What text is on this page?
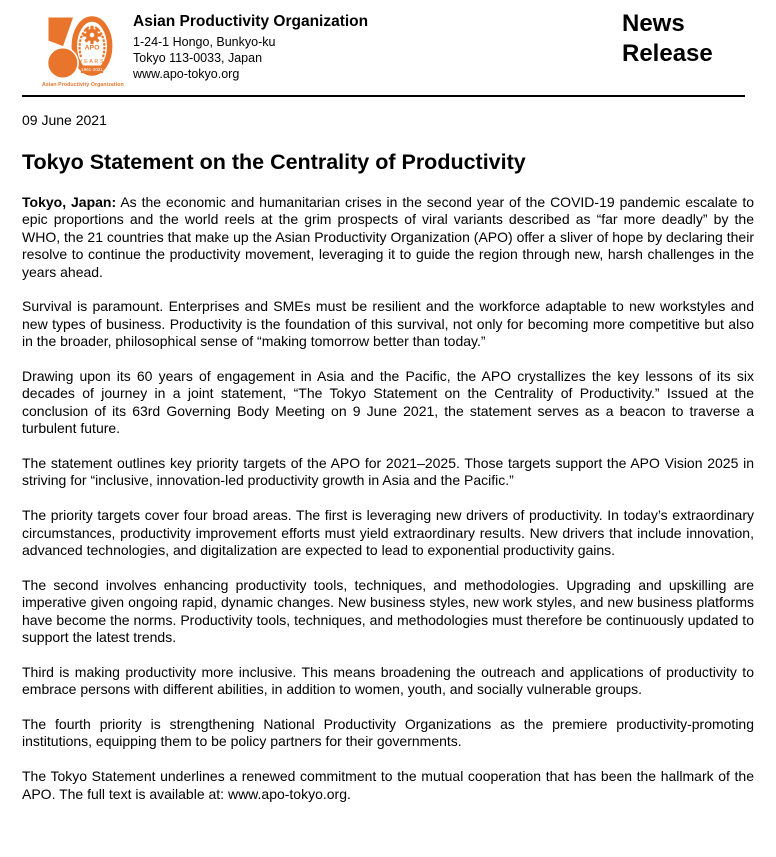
APO
YEARS
1961-2021
Asian Productivity Organization
Asian Productivity Organization
1-24-1 Hongo, Bunkyo-ku
Tokyo 113-0033, Japan
www.apo-tokyo.org
News
Release
09 June 2021
Tokyo Statement on the Centrality of Productivity

Tokyo, Japan: As the economic and humanitarian crises in the second year of the COVID-19 pandemic escalate to epic proportions and the world reels at the grim prospects of viral variants described as “far more deadly” by the WHO, the 21 countries that make up the Asian Productivity Organization (APO) offer a sliver of hope by declaring their resolve to continue the productivity movement, leveraging it to guide the region through new, harsh challenges in the years ahead.

Survival is paramount. Enterprises and SMEs must be resilient and the workforce adaptable to new workstyles and new types of business. Productivity is the foundation of this survival, not only for becoming more competitive but also in the broader, philosophical sense of “making tomorrow better than today.”

Drawing upon its 60 years of engagement in Asia and the Pacific, the APO crystallizes the key lessons of its six decades of journey in a joint statement, “The Tokyo Statement on the Centrality of Productivity.” Issued at the conclusion of its 63rd Governing Body Meeting on 9 June 2021, the statement serves as a beacon to traverse a turbulent future.

The statement outlines key priority targets of the APO for 2021–2025. Those targets support the APO Vision 2025 in striving for “inclusive, innovation-led productivity growth in Asia and the Pacific.”

The priority targets cover four broad areas. The first is leveraging new drivers of productivity. In today’s extraordinary circumstances, productivity improvement efforts must yield extraordinary results. New drivers that include innovation, advanced technologies, and digitalization are expected to lead to exponential productivity gains.

The second involves enhancing productivity tools, techniques, and methodologies. Upgrading and upskilling are imperative given ongoing rapid, dynamic changes. New business styles, new work styles, and new business platforms have become the norms. Productivity tools, techniques, and methodologies must therefore be continuously updated to support the latest trends.

Third is making productivity more inclusive. This means broadening the outreach and applications of productivity to embrace persons with different abilities, in addition to women, youth, and socially vulnerable groups.

The fourth priority is strengthening National Productivity Organizations as the premiere productivity-promoting institutions, equipping them to be policy partners for their governments.

The Tokyo Statement underlines a renewed commitment to the mutual cooperation that has been the hallmark of the APO. The full text is available at: www.apo-tokyo.org.
